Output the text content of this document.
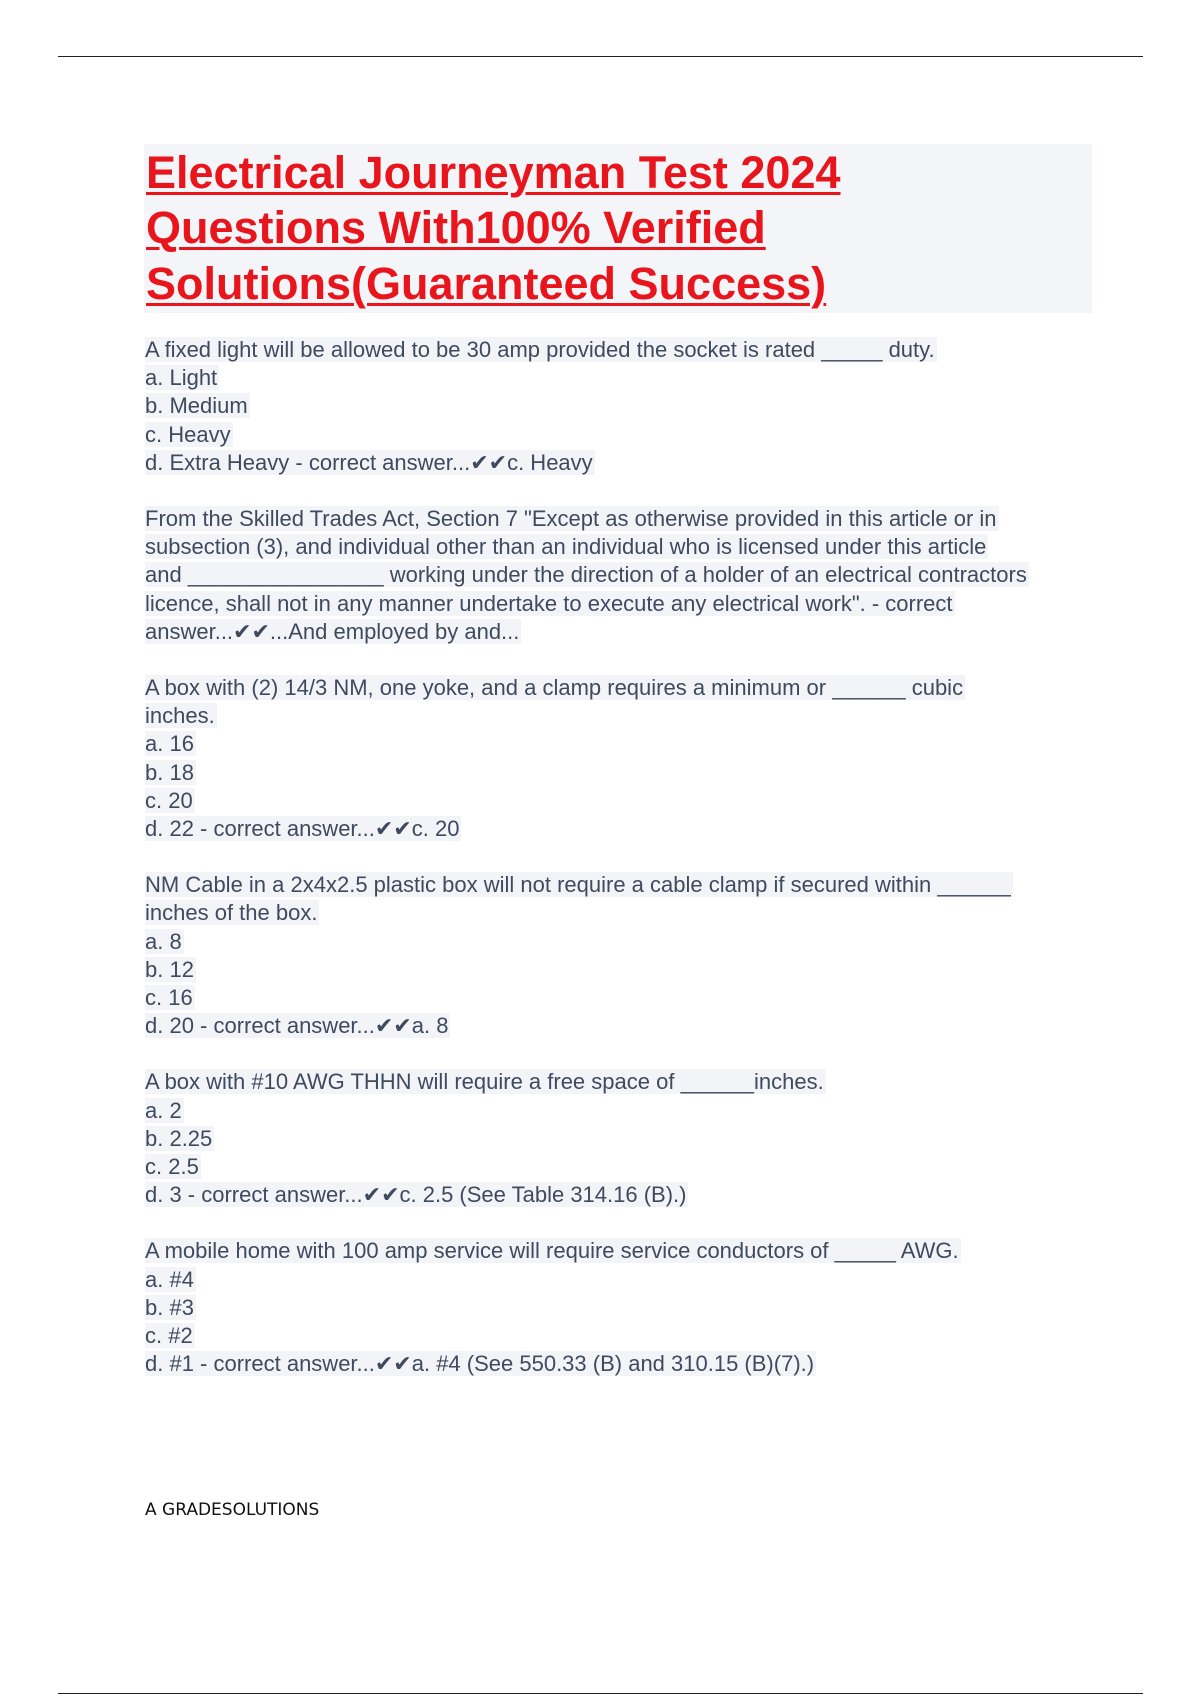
Electrical Journeyman Test 2024
Questions With100% Verified
Solutions(Guaranteed Success)
A fixed light will be allowed to be 30 amp provided the socket is rated _____ duty.
a. Light
b. Medium
c. Heavy
d. Extra Heavy - correct answer...✔✔c. Heavy
From the Skilled Trades Act, Section 7 "Except as otherwise provided in this article or in
subsection (3), and individual other than an individual who is licensed under this article
and ________________ working under the direction of a holder of an electrical contractors
licence, shall not in any manner undertake to execute any electrical work". - correct
answer...✔✔...And employed by and...
A box with (2) 14/3 NM, one yoke, and a clamp requires a minimum or ______ cubic
inches.
a. 16
b. 18
c. 20
d. 22 - correct answer...✔✔c. 20
NM Cable in a 2x4x2.5 plastic box will not require a cable clamp if secured within ______
inches of the box.
a. 8
b. 12
c. 16
d. 20 - correct answer...✔✔a. 8
A box with #10 AWG THHN will require a free space of ______inches.
a. 2
b. 2.25
c. 2.5
d. 3 - correct answer...✔✔c. 2.5 (See Table 314.16 (B).)
A mobile home with 100 amp service will require service conductors of _____ AWG.
a. #4
b. #3
c. #2
d. #1 - correct answer...✔✔a. #4 (See 550.33 (B) and 310.15 (B)(7).)
A GRADESOLUTIONS
